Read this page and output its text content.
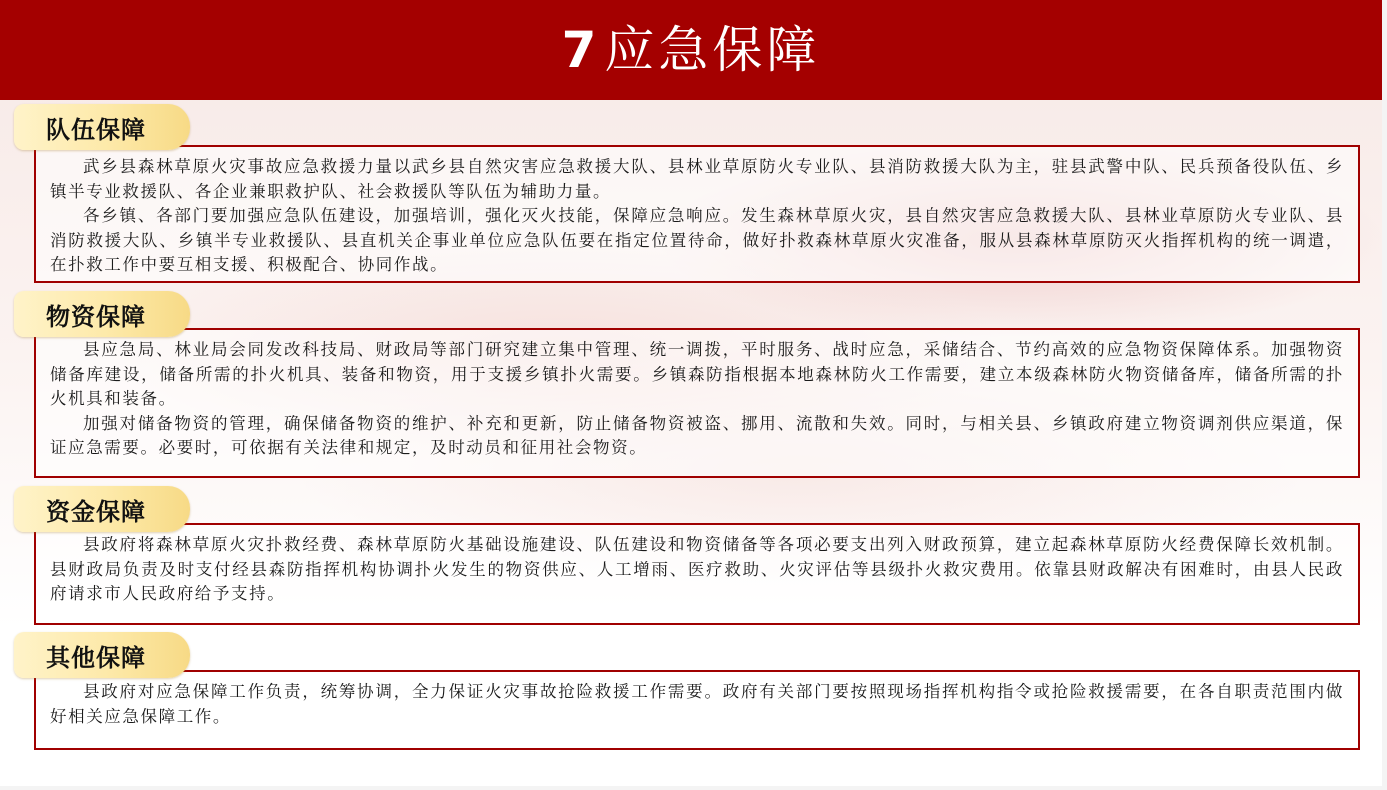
7应急保障

武乡县森林草原火灾事故应急救援力量以武乡县自然灾害应急救援大队、县林业草原防火专业队、县消防救援大队为主，驻县武警中队、民兵预备役队伍、乡镇半专业救援队、各企业兼职救护队、社会救援队等队伍为辅助力量。

各乡镇、各部门要加强应急队伍建设，加强培训，强化灭火技能，保障应急响应。发生森林草原火灾，县自然灾害应急救援大队、县林业草原防火专业队、县消防救援大队、乡镇半专业救援队、县直机关企事业单位应急队伍要在指定位置待命，做好扑救森林草原火灾准备，服从县森林草原防灭火指挥机构的统一调遣，在扑救工作中要互相支援、积极配合、协同作战。

队伍保障

县应急局、林业局会同发改科技局、财政局等部门研究建立集中管理、统一调拨，平时服务、战时应急，采储结合、节约高效的应急物资保障体系。加强物资储备库建设，储备所需的扑火机具、装备和物资，用于支援乡镇扑火需要。乡镇森防指根据本地森林防火工作需要，建立本级森林防火物资储备库，储备所需的扑火机具和装备。

加强对储备物资的管理，确保储备物资的维护、补充和更新，防止储备物资被盗、挪用、流散和失效。同时，与相关县、乡镇政府建立物资调剂供应渠道，保证应急需要。必要时，可依据有关法律和规定，及时动员和征用社会物资。

物资保障

县政府将森林草原火灾扑救经费、森林草原防火基础设施建设、队伍建设和物资储备等各项必要支出列入财政预算，建立起森林草原防火经费保障长效机制。县财政局负责及时支付经县森防指挥机构协调扑火发生的物资供应、人工增雨、医疗救助、火灾评估等县级扑火救灾费用。依靠县财政解决有困难时，由县人民政府请求市人民政府给予支持。

资金保障

县政府对应急保障工作负责，统筹协调，全力保证火灾事故抢险救援工作需要。政府有关部门要按照现场指挥机构指令或抢险救援需要，在各自职责范围内做好相关应急保障工作。

其他保障
